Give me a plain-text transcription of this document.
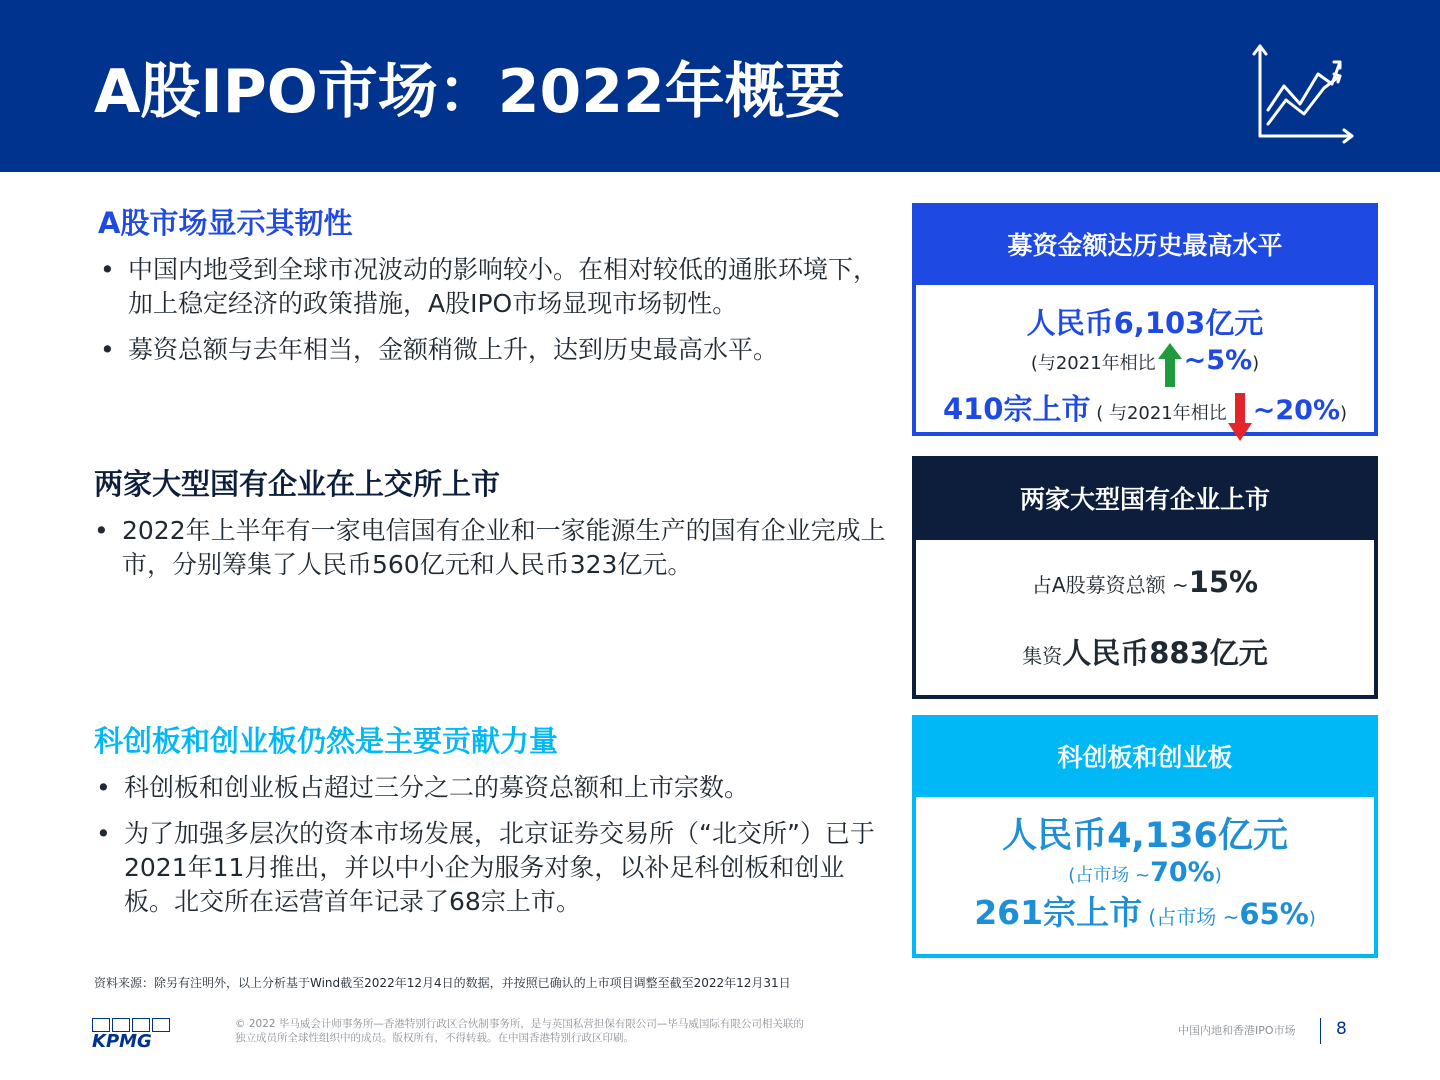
A股IPO市场：2022年概要
A股市场显示其韧性
• 中国内地受到全球市况波动的影响较小。在相对较低的通胀环境下，加上稳定经济的政策措施，A股IPO市场显现市场韧性。
• 募资总额与去年相当，金额稍微上升，达到历史最高水平。
两家大型国有企业在上交所上市
• 2022年上半年有一家电信国有企业和一家能源生产的国有企业完成上市，分别筹集了人民币560亿元和人民币323亿元。
科创板和创业板仍然是主要贡献力量
• 科创板和创业板占超过三分之二的募资总额和上市宗数。
• 为了加强多层次的资本市场发展，北京证券交易所（“北交所”）已于2021年11月推出，并以中小企为服务对象，以补足科创板和创业板。北交所在运营首年记录了68宗上市。
募资金额达历史最高水平
人民币6,103亿元
(与2021年相比 ~5%)
410宗上市 ( 与2021年相比 ~20%)
两家大型国有企业上市
占A股募资总额 ~15%
集资人民币883亿元
科创板和创业板
人民币4,136亿元
(占市场 ~70%)
261宗上市 (占市场 ~65%)
资料来源：除另有注明外，以上分析基于Wind截至2022年12月4日的数据，并按照已确认的上市项目调整至截至2022年12月31日
KPMG
© 2022 毕马威会计师事务所—香港特别行政区合伙制事务所，是与英国私营担保有限公司—毕马威国际有限公司相关联的独立成员所全球性组织中的成员。版权所有，不得转载。在中国香港特别行政区印刷。
中国内地和香港IPO市场 8
